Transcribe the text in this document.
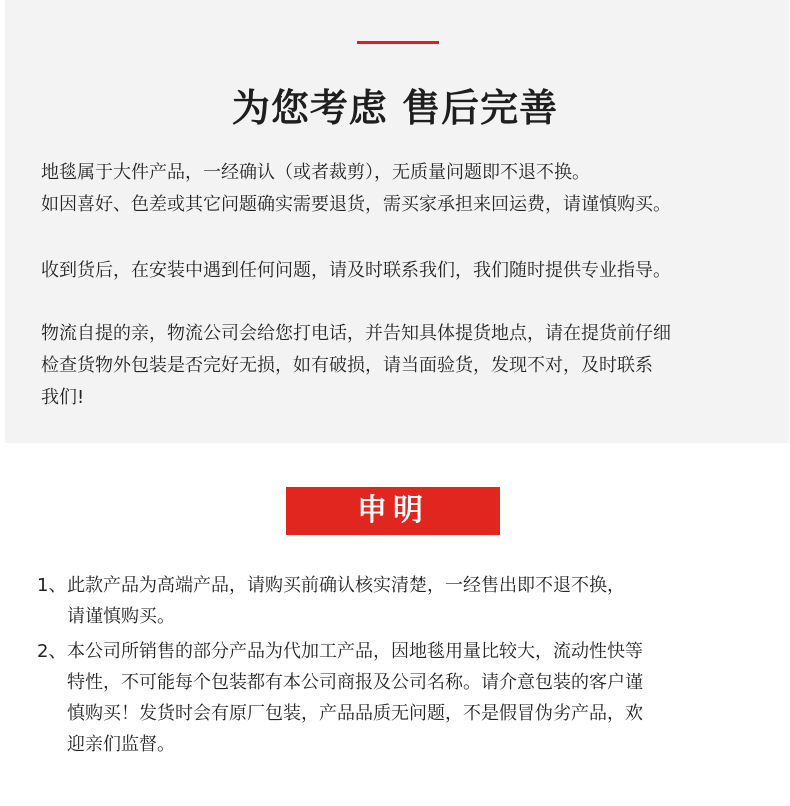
为您考虑 售后完善
地毯属于大件产品，一经确认（或者裁剪），无质量问题即不退不换。
如因喜好、色差或其它问题确实需要退货，需买家承担来回运费，请谨慎购买。
收到货后，在安装中遇到任何问题，请及时联系我们，我们随时提供专业指导。
物流自提的亲，物流公司会给您打电话，并告知具体提货地点，请在提货前仔细
检查货物外包装是否完好无损，如有破损，请当面验货，发现不对，及时联系
我们!
申明
1、此款产品为高端产品，请购买前确认核实清楚，一经售出即不退不换，
请谨慎购买。
2、本公司所销售的部分产品为代加工产品，因地毯用量比较大，流动性快等
特性，不可能每个包装都有本公司商报及公司名称。请介意包装的客户谨
慎购买！发货时会有原厂包装，产品品质无问题，不是假冒伪劣产品，欢
迎亲们监督。
